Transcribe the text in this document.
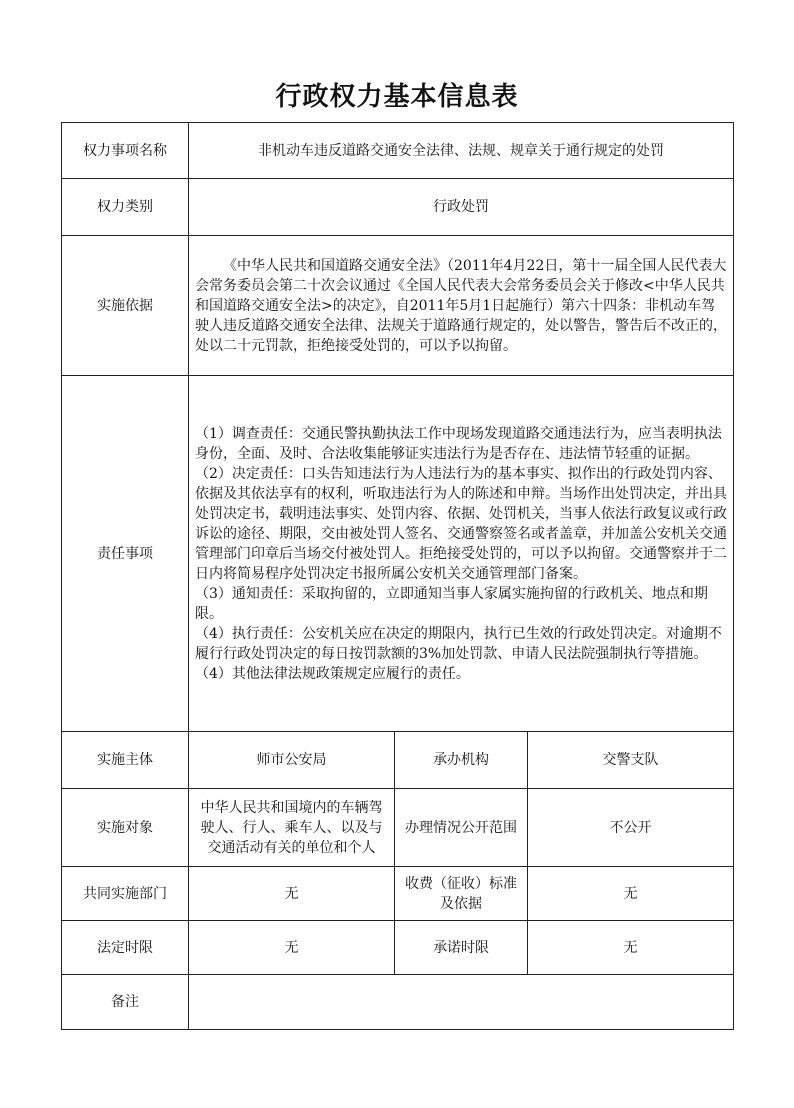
行政权力基本信息表
权力事项名称	非机动车违反道路交通安全法律、法规、规章关于通行规定的处罚		
权力类别	行政处罚		
实施依据	《中华人民共和国道路交通安全法》（2011年4月22日，第十一届全国人民代表大会常务委员会第二十次会议通过《全国人民代表大会常务委员会关于修改<中华人民共和国道路交通安全法>的决定》，自2011年5月1日起施行）第六十四条：非机动车驾驶人违反道路交通安全法律、法规关于道路通行规定的，处以警告，警告后不改正的，处以二十元罚款，拒绝接受处罚的，可以予以拘留。		
责任事项	（1）调查责任：交通民警执勤执法工作中现场发现道路交通违法行为，应当表明执法身份，全面、及时、合法收集能够证实违法行为是否存在、违法情节轻重的证据。
（2）决定责任：口头告知违法行为人违法行为的基本事实、拟作出的行政处罚内容、依据及其依法享有的权利，听取违法行为人的陈述和申辩。当场作出处罚决定，并出具处罚决定书，载明违法事实、处罚内容、依据、处罚机关，当事人依法行政复议或行政诉讼的途径、期限，交由被处罚人签名、交通警察签名或者盖章，并加盖公安机关交通管理部门印章后当场交付被处罚人。拒绝接受处罚的，可以予以拘留。交通警察并于二日内将简易程序处罚决定书报所属公安机关交通管理部门备案。
（3）通知责任：采取拘留的，立即通知当事人家属实施拘留的行政机关、地点和期限。
（4）执行责任：公安机关应在决定的期限内，执行已生效的行政处罚决定。对逾期不履行行政处罚决定的每日按罚款额的3%加处罚款、申请人民法院强制执行等措施。
（4）其他法律法规政策规定应履行的责任。		

实施主体	师市公安局	承办机构	交警支队
实施对象	中华人民共和国境内的车辆驾驶人、行人、乘车人、以及与交通活动有关的单位和个人	办理情况公开范围	不公开
共同实施部门	无	收费（征收）标准及依据	无
法定时限	无	承诺时限	无
备注			
